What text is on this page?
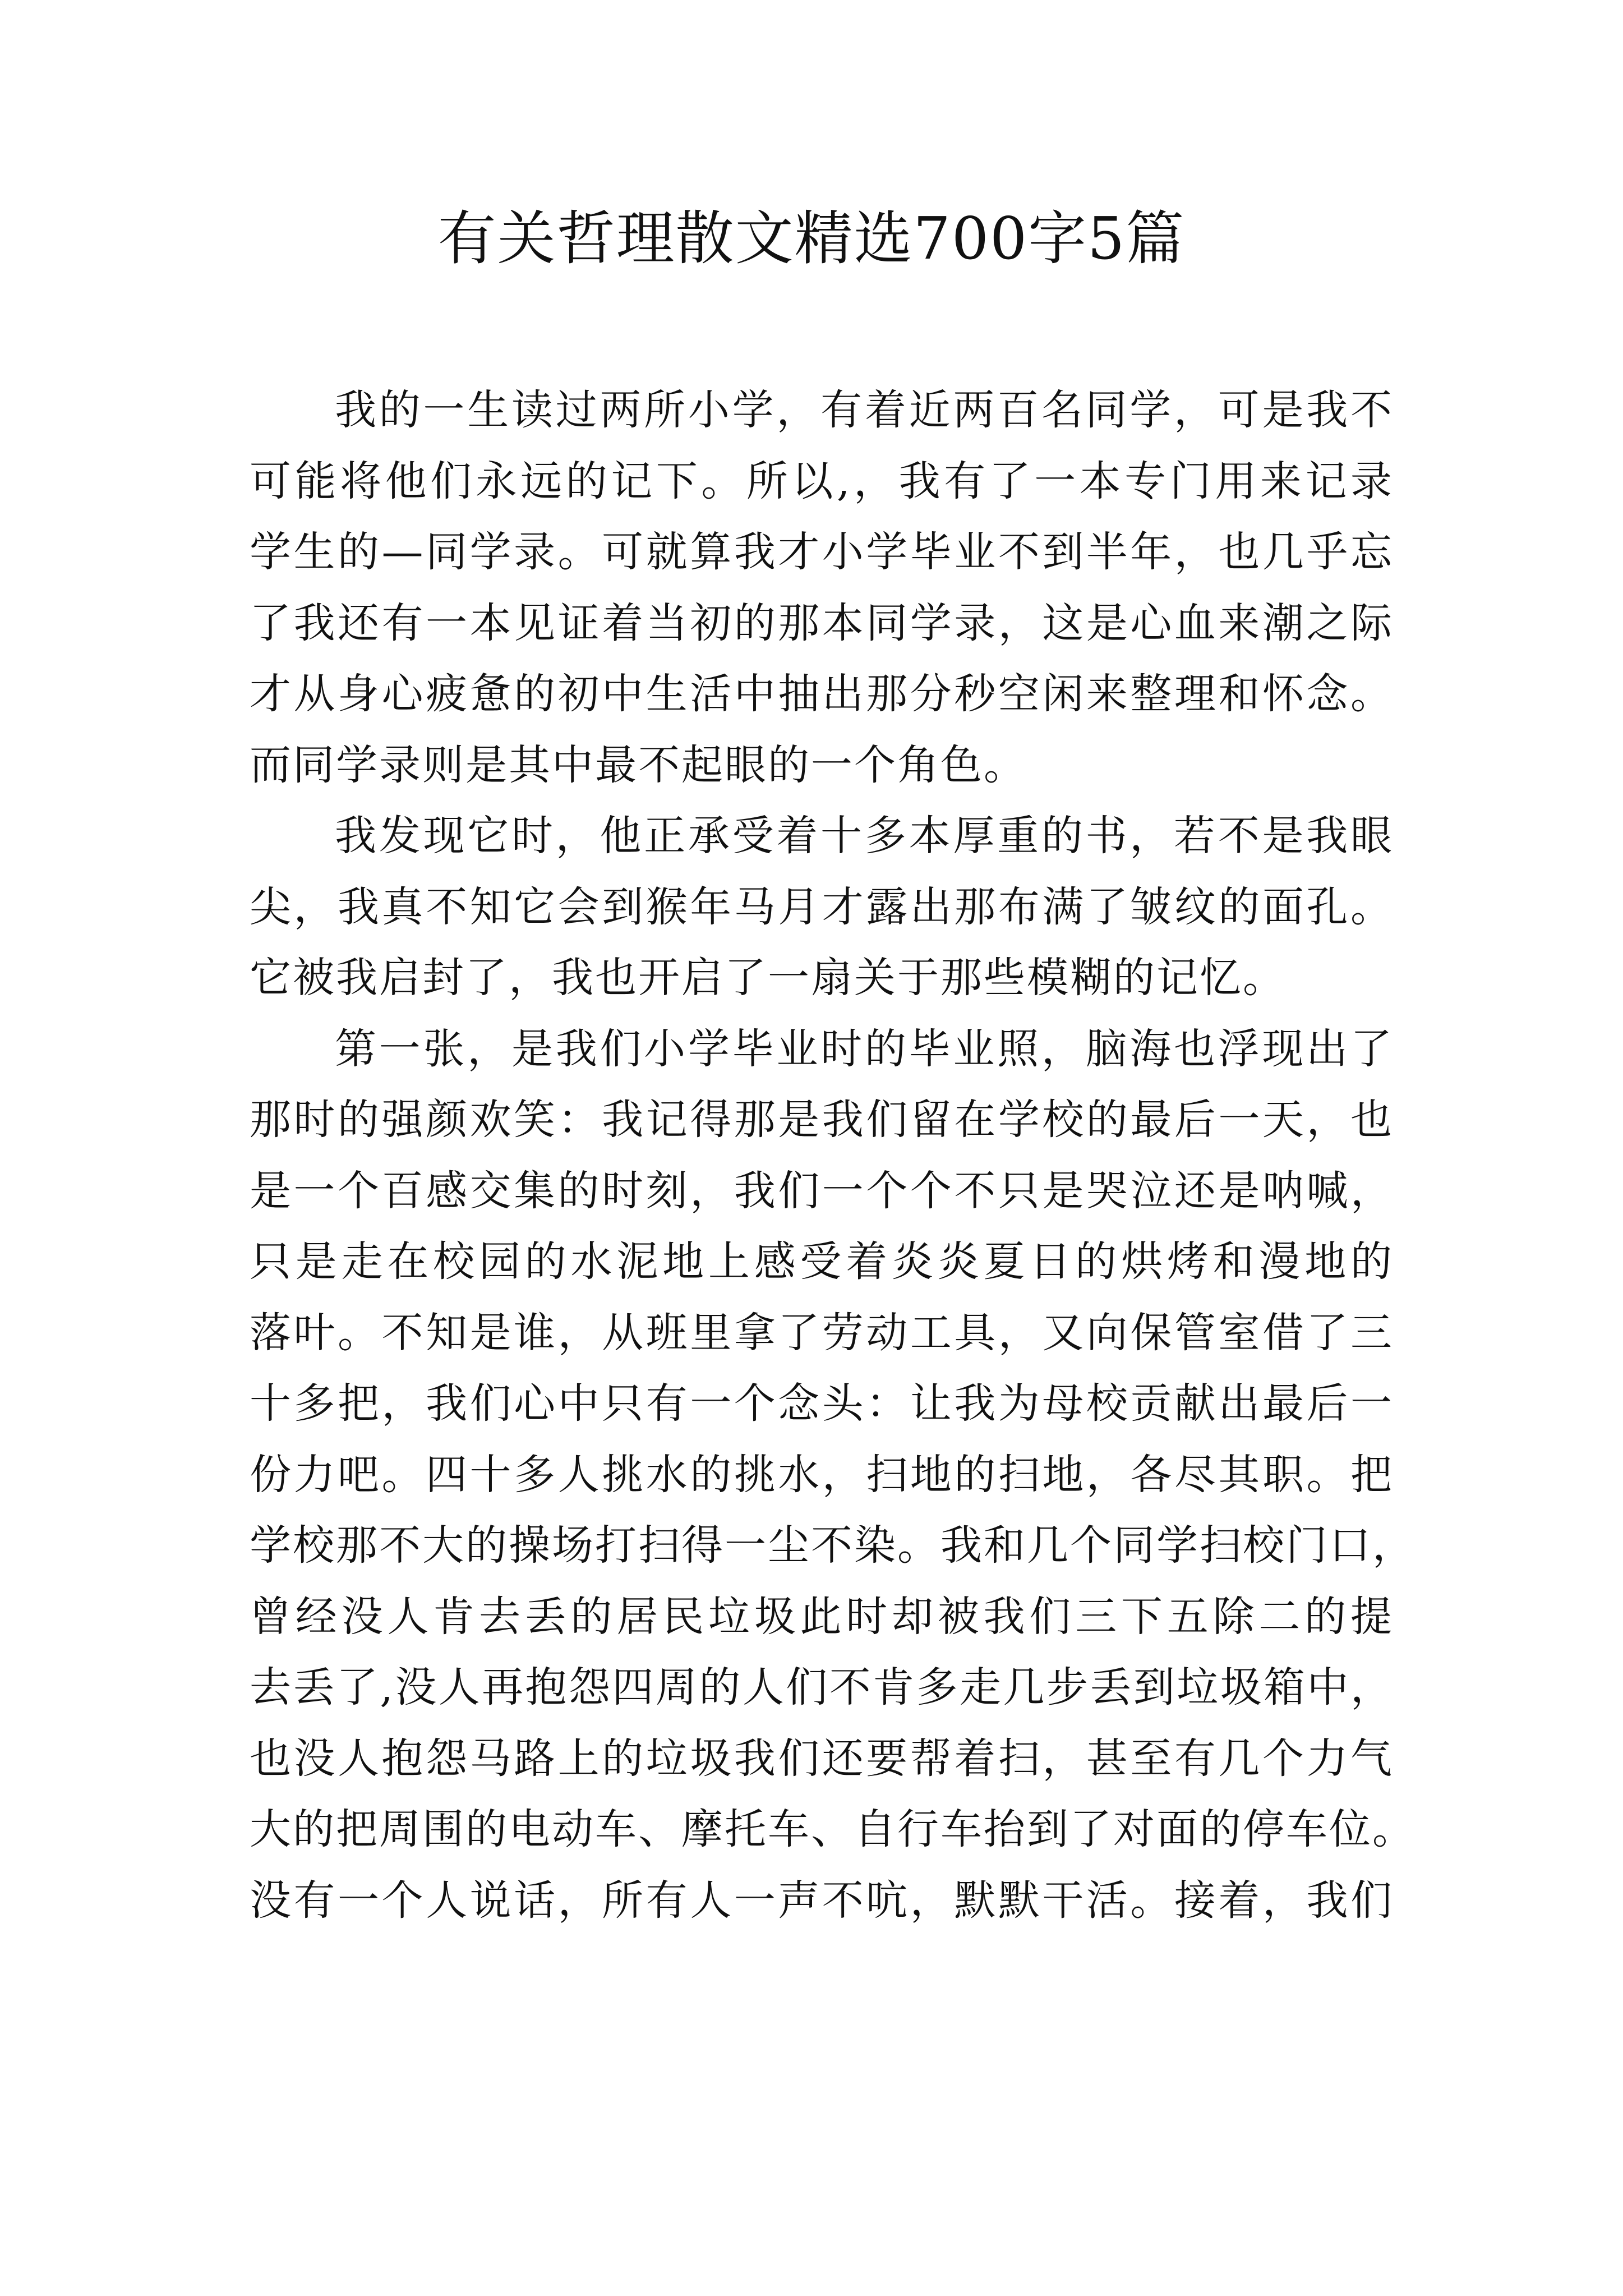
有关哲理散文精选700字5篇
我的一生读过两所小学，有着近两百名同学，可是我不
可能将他们永远的记下。所以,，我有了一本专门用来记录
学生的—同学录。可就算我才小学毕业不到半年，也几乎忘
了我还有一本见证着当初的那本同学录，这是心血来潮之际
才从身心疲惫的初中生活中抽出那分秒空闲来整理和怀念。
而同学录则是其中最不起眼的一个角色。
我发现它时，他正承受着十多本厚重的书，若不是我眼
尖，我真不知它会到猴年马月才露出那布满了皱纹的面孔。
它被我启封了，我也开启了一扇关于那些模糊的记忆。
第一张，是我们小学毕业时的毕业照，脑海也浮现出了
那时的强颜欢笑：我记得那是我们留在学校的最后一天，也
是一个百感交集的时刻，我们一个个不只是哭泣还是呐喊，
只是走在校园的水泥地上感受着炎炎夏日的烘烤和漫地的
落叶。不知是谁，从班里拿了劳动工具，又向保管室借了三
十多把，我们心中只有一个念头：让我为母校贡献出最后一
份力吧。四十多人挑水的挑水，扫地的扫地，各尽其职。把
学校那不大的操场打扫得一尘不染。我和几个同学扫校门口，
曾经没人肯去丢的居民垃圾此时却被我们三下五除二的提
去丢了,没人再抱怨四周的人们不肯多走几步丢到垃圾箱中，
也没人抱怨马路上的垃圾我们还要帮着扫，甚至有几个力气
大的把周围的电动车、摩托车、自行车抬到了对面的停车位。
没有一个人说话，所有人一声不吭，默默干活。接着，我们
